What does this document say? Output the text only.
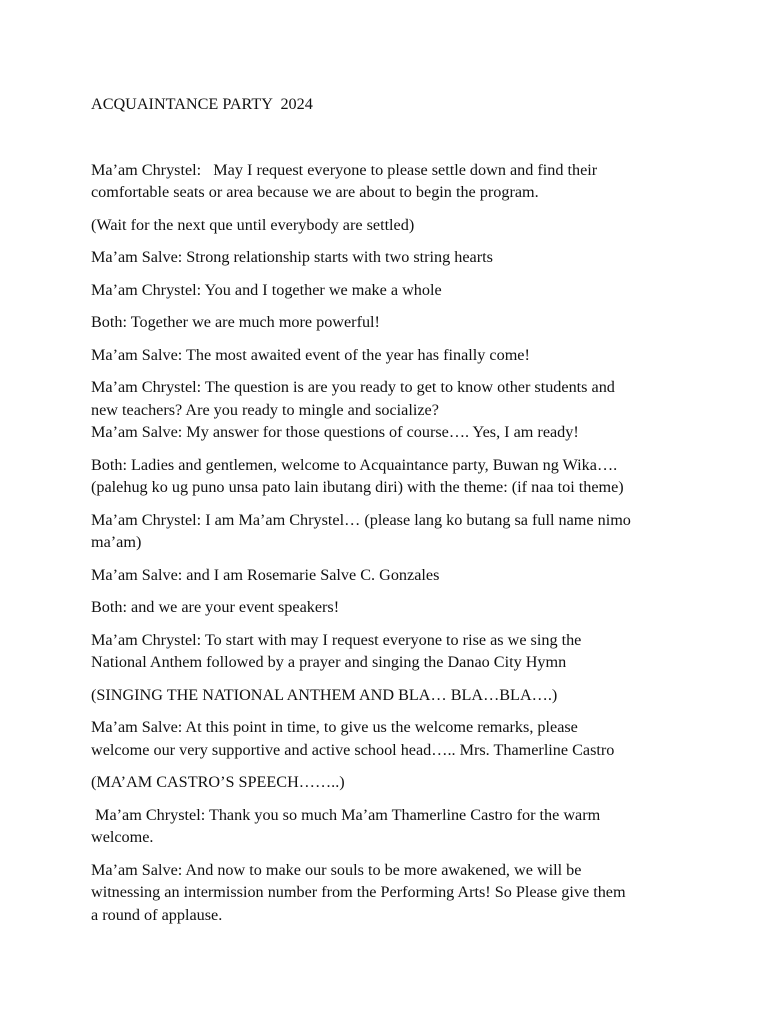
ACQUAINTANCE PARTY  2024
Ma’am Chrystel:   May I request everyone to please settle down and find their
comfortable seats or area because we are about to begin the program.
(Wait for the next que until everybody are settled)
Ma’am Salve: Strong relationship starts with two string hearts
Ma’am Chrystel: You and I together we make a whole
Both: Together we are much more powerful!
Ma’am Salve: The most awaited event of the year has finally come!
Ma’am Chrystel: The question is are you ready to get to know other students and
new teachers? Are you ready to mingle and socialize?
Ma’am Salve: My answer for those questions of course…. Yes, I am ready!
Both: Ladies and gentlemen, welcome to Acquaintance party, Buwan ng Wika….
(palehug ko ug puno unsa pato lain ibutang diri) with the theme: (if naa toi theme)
Ma’am Chrystel: I am Ma’am Chrystel… (please lang ko butang sa full name nimo
ma’am)
Ma’am Salve: and I am Rosemarie Salve C. Gonzales
Both: and we are your event speakers!
Ma’am Chrystel: To start with may I request everyone to rise as we sing the
National Anthem followed by a prayer and singing the Danao City Hymn
(SINGING THE NATIONAL ANTHEM AND BLA… BLA…BLA….)
Ma’am Salve: At this point in time, to give us the welcome remarks, please
welcome our very supportive and active school head….. Mrs. Thamerline Castro
(MA’AM CASTRO’S SPEECH……..)
Ma’am Chrystel: Thank you so much Ma’am Thamerline Castro for the warm
welcome.
Ma’am Salve: And now to make our souls to be more awakened, we will be
witnessing an intermission number from the Performing Arts! So Please give them
a round of applause.
